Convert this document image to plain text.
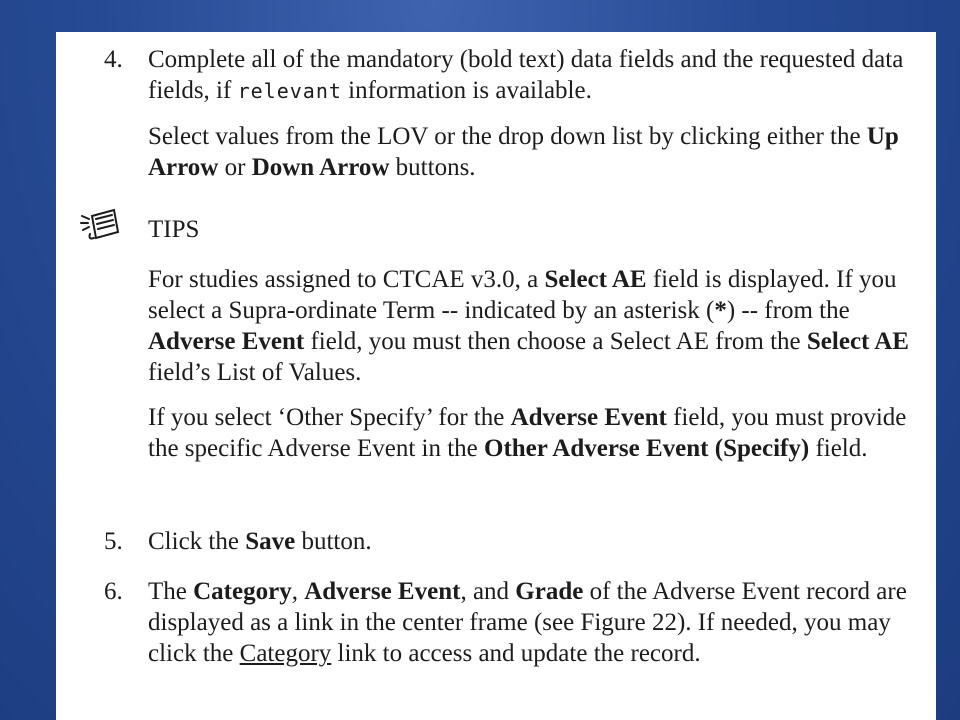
4. Complete all of the mandatory (bold text) data fields and the requested data fields, if relevant information is available.

Select values from the LOV or the drop down list by clicking either the Up Arrow or Down Arrow buttons.

TIPS

For studies assigned to CTCAE v3.0, a Select AE field is displayed. If you select a Supra-ordinate Term -- indicated by an asterisk (*) -- from the Adverse Event field, you must then choose a Select AE from the Select AE field’s List of Values.

If you select ‘Other Specify’ for the Adverse Event field, you must provide the specific Adverse Event in the Other Adverse Event (Specify) field.

5. Click the Save button.

6. The Category, Adverse Event, and Grade of the Adverse Event record are displayed as a link in the center frame (see Figure 22). If needed, you may click the Category link to access and update the record.
